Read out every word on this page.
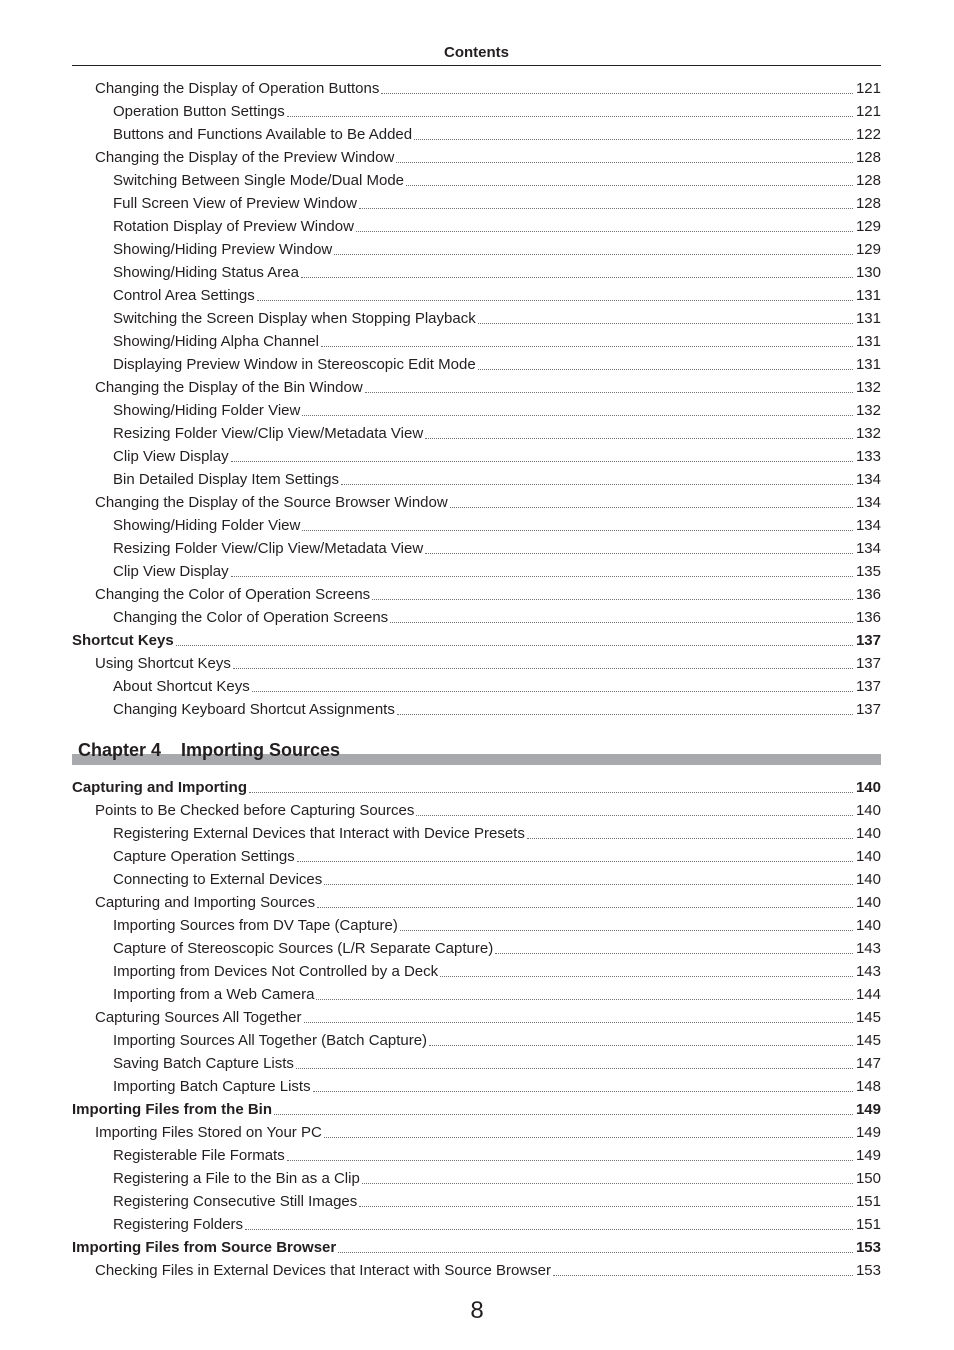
Contents
Changing the Display of Operation Buttons	121
Operation Button Settings	121
Buttons and Functions Available to Be Added	122
Changing the Display of the Preview Window	128
Switching Between Single Mode/Dual Mode	128
Full Screen View of Preview Window	128
Rotation Display of Preview Window	129
Showing/Hiding Preview Window	129
Showing/Hiding Status Area	130
Control Area Settings	131
Switching the Screen Display when Stopping Playback	131
Showing/Hiding Alpha Channel	131
Displaying Preview Window in Stereoscopic Edit Mode	131
Changing the Display of the Bin Window	132
Showing/Hiding Folder View	132
Resizing Folder View/Clip View/Metadata View	132
Clip View Display	133
Bin Detailed Display Item Settings	134
Changing the Display of the Source Browser Window	134
Showing/Hiding Folder View	134
Resizing Folder View/Clip View/Metadata View	134
Clip View Display	135
Changing the Color of Operation Screens	136
Changing the Color of Operation Screens	136
Shortcut Keys	137
Using Shortcut Keys	137
About Shortcut Keys	137
Changing Keyboard Shortcut Assignments	137
Chapter 4 Importing Sources
Capturing and Importing	140
Points to Be Checked before Capturing Sources	140
Registering External Devices that Interact with Device Presets	140
Capture Operation Settings	140
Connecting to External Devices	140
Capturing and Importing Sources	140
Importing Sources from DV Tape (Capture)	140
Capture of Stereoscopic Sources (L/R Separate Capture)	143
Importing from Devices Not Controlled by a Deck	143
Importing from a Web Camera	144
Capturing Sources All Together	145
Importing Sources All Together (Batch Capture)	145
Saving Batch Capture Lists	147
Importing Batch Capture Lists	148
Importing Files from the Bin	149
Importing Files Stored on Your PC	149
Registerable File Formats	149
Registering a File to the Bin as a Clip	150
Registering Consecutive Still Images	151
Registering Folders	151
Importing Files from Source Browser	153
Checking Files in External Devices that Interact with Source Browser	153
8
